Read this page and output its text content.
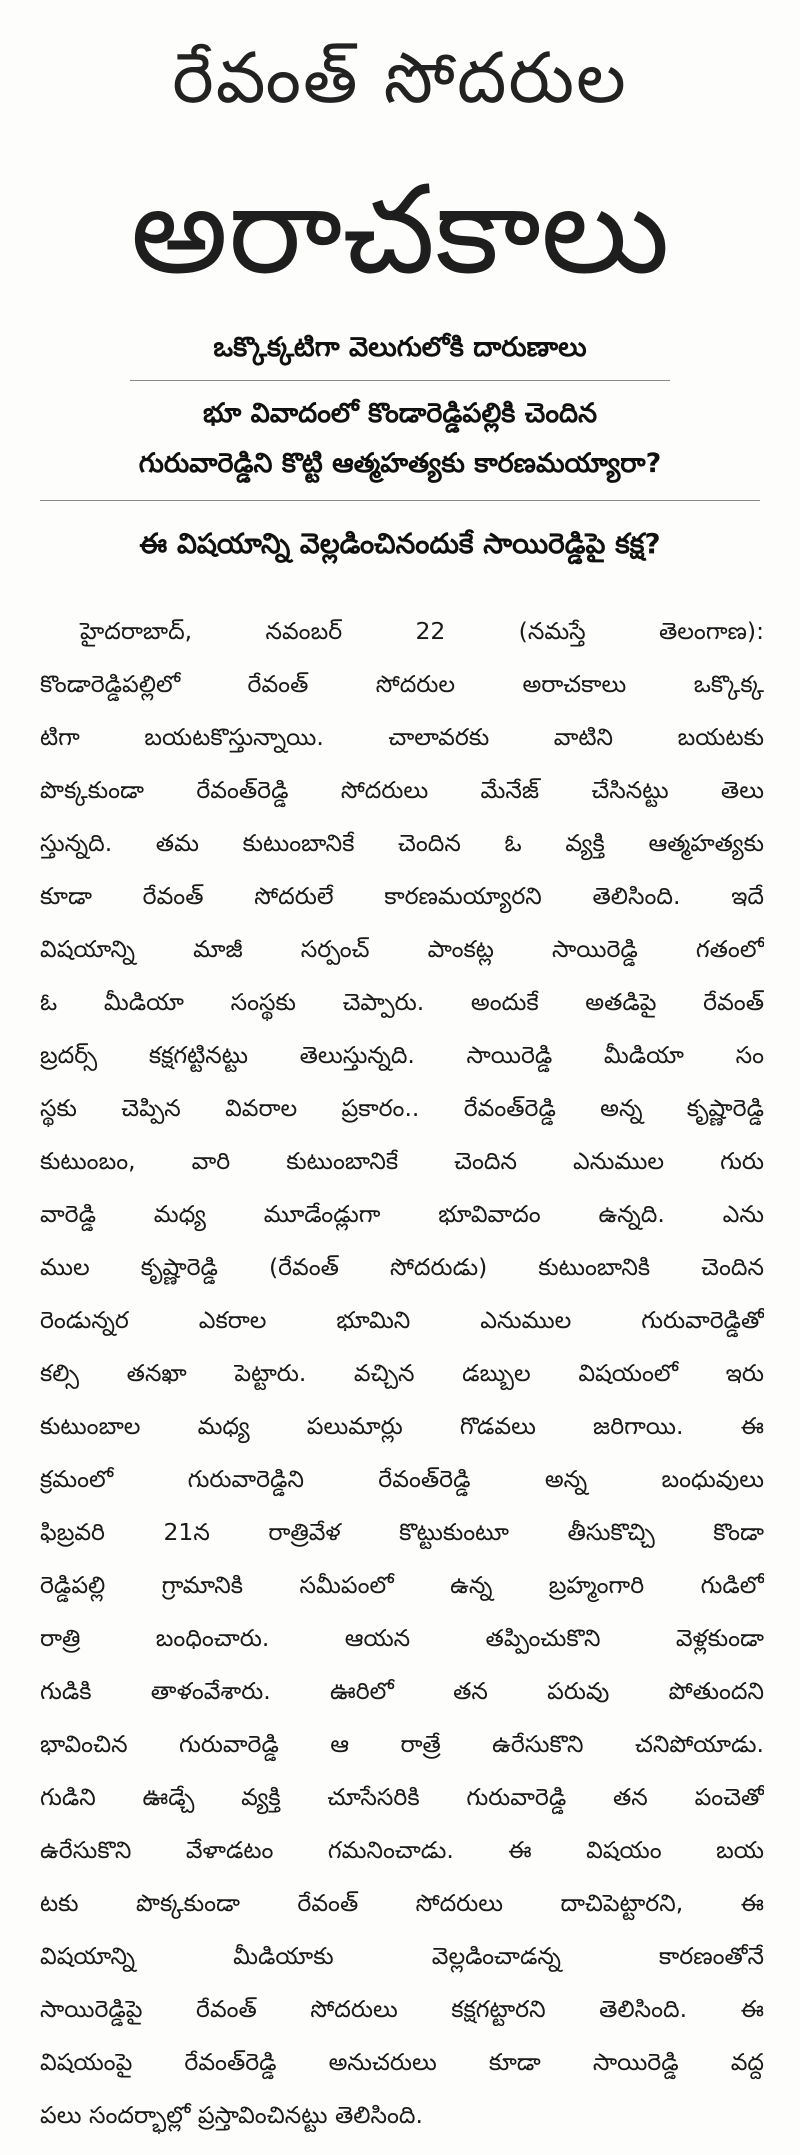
రేవంత్ సోదరుల
అరాచకాలు
ఒక్కొక్కటిగా వెలుగులోకి దారుణాలు
భూ వివాదంలో కొండారెడ్డిపల్లికి చెందిన
గురువారెడ్డిని కొట్టి ఆత్మహత్యకు కారణమయ్యారా?
ఈ విషయాన్ని వెల్లడించినందుకే సాయిరెడ్డిపై కక్ష?
హైదరాబాద్, నవంబర్ 22 (నమస్తే తెలంగాణ):
కొండారెడ్డిపల్లిలో రేవంత్ సోదరుల అరాచకాలు ఒక్కొక్క
టిగా బయటకొస్తున్నాయి. చాలావరకు వాటిని బయటకు
పొక్కకుండా రేవంత్‌రెడ్డి సోదరులు మేనేజ్ చేసినట్టు తెలు
స్తున్నది. తమ కుటుంబానికే చెందిన ఓ వ్యక్తి ఆత్మహత్యకు
కూడా రేవంత్ సోదరులే కారణమయ్యారని తెలిసింది. ఇదే
విషయాన్ని మాజీ సర్పంచ్ పాంకట్ల సాయిరెడ్డి గతంలో
ఓ మీడియా సంస్థకు చెప్పారు. అందుకే అతడిపై రేవంత్
బ్రదర్స్ కక్షగట్టినట్టు తెలుస్తున్నది. సాయిరెడ్డి మీడియా సం
స్థకు చెప్పిన వివరాల ప్రకారం.. రేవంత్‌రెడ్డి అన్న కృష్ణారెడ్డి
కుటుంబం, వారి కుటుంబానికే చెందిన ఎనుముల గురు
వారెడ్డి మధ్య మూడేండ్లుగా భూవివాదం ఉన్నది. ఎను
ముల కృష్ణారెడ్డి (రేవంత్ సోదరుడు) కుటుంబానికి చెందిన
రెండున్నర ఎకరాల భూమిని ఎనుముల గురువారెడ్డితో
కల్సి తనఖా పెట్టారు. వచ్చిన డబ్బుల విషయంలో ఇరు
కుటుంబాల మధ్య పలుమార్లు గొడవలు జరిగాయి. ఈ
క్రమంలో గురువారెడ్డిని రేవంత్‌రెడ్డి అన్న బంధువులు
ఫిబ్రవరి 21న రాత్రివేళ కొట్టుకుంటూ తీసుకొచ్చి కొండా
రెడ్డిపల్లి గ్రామానికి సమీపంలో ఉన్న బ్రహ్మంగారి గుడిలో
రాత్రి బంధించారు. ఆయన తప్పించుకొని వెళ్లకుండా
గుడికి తాళంవేశారు. ఊరిలో తన పరువు పోతుందని
భావించిన గురువారెడ్డి ఆ రాత్రే ఉరేసుకొని చనిపోయాడు.
గుడిని ఊడ్చే వ్యక్తి చూసేసరికి గురువారెడ్డి తన పంచెతో
ఉరేసుకొని వేళాడటం గమనించాడు. ఈ విషయం బయ
టకు పొక్కకుండా రేవంత్ సోదరులు దాచిపెట్టారని, ఈ
విషయాన్ని మీడియాకు వెల్లడించాడన్న కారణంతోనే
సాయిరెడ్డిపై రేవంత్ సోదరులు కక్షగట్టారని తెలిసింది. ఈ
విషయంపై రేవంత్‌రెడ్డి అనుచరులు కూడా సాయిరెడ్డి వద్ద
పలు సందర్భాల్లో ప్రస్తావించినట్టు తెలిసింది.
